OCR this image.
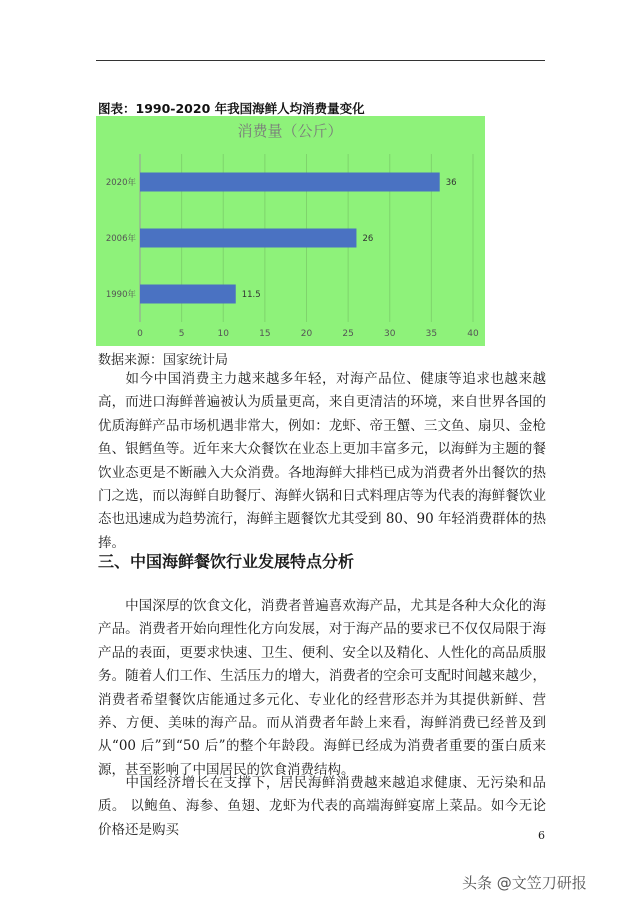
图表：1990-2020 年我国海鲜人均消费量变化
消费量（公斤）
0	5	10	15	20	25	30	35	40
2020年	36
2006年	26
1990年	11.5
数据来源：国家统计局

如今中国消费主力越来越多年轻，对海产品位、健康等追求也越来越高，而进口海鲜普遍被认为质量更高，来自更清洁的环境，来自世界各国的优质海鲜产品市场机遇非常大，例如：龙虾、帝王蟹、三文鱼、扇贝、金枪鱼、银鳕鱼等。近年来大众餐饮在业态上更加丰富多元，以海鲜为主题的餐饮业态更是不断融入大众消费。各地海鲜大排档已成为消费者外出餐饮的热门之选，而以海鲜自助餐厅、海鲜火锅和日式料理店等为代表的海鲜餐饮业态也迅速成为趋势流行，海鲜主题餐饮尤其受到 80、90 年轻消费群体的热捧。

三、中国海鲜餐饮行业发展特点分析

中国深厚的饮食文化，消费者普遍喜欢海产品，尤其是各种大众化的海产品。消费者开始向理性化方向发展，对于海产品的要求已不仅仅局限于海产品的表面，更要求快速、卫生、便利、安全以及精化、人性化的高品质服务。随着人们工作、生活压力的增大，消费者的空余可支配时间越来越少，消费者希望餐饮店能通过多元化、专业化的经营形态并为其提供新鲜、营养、方便、美味的海产品。而从消费者年龄上来看，海鲜消费已经普及到从“00 后”到“50 后”的整个年龄段。海鲜已经成为消费者重要的蛋白质来源，甚至影响了中国居民的饮食消费结构。

中国经济增长在支撑下，居民海鲜消费越来越追求健康、无污染和品质。 以鲍鱼、海参、鱼翅、龙虾为代表的高端海鲜宴席上菜品。如今无论价格还是购买	6
头条 @文笠刀研报
